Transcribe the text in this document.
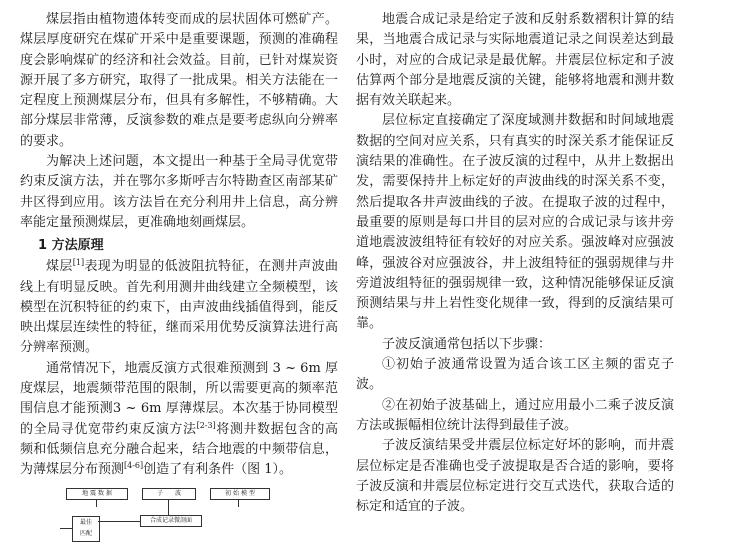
煤层指由植物遗体转变而成的层状固体可燃矿产。煤层厚度研究在煤矿开采中是重要课题，预测的准确程度会影响煤矿的经济和社会效益。目前，已针对煤炭资源开展了多方研究，取得了一批成果。相关方法能在一定程度上预测煤层分布，但具有多解性，不够精确。大部分煤层非常薄，反演参数的难点是要考虑纵向分辨率的要求。

为解决上述问题，本文提出一种基于全局寻优宽带约束反演方法，并在鄂尔多斯呼吉尔特勘查区南部某矿井区得到应用。该方法旨在充分利用井上信息，高分辨率能定量预测煤层，更准确地刻画煤层。

1 方法原理

煤层[1]表现为明显的低波阻抗特征，在测井声波曲线上有明显反映。首先利用测井曲线建立全频模型，该模型在沉积特征的约束下，由声波曲线插值得到，能反映出煤层连续性的特征，继而采用优势反演算法进行高分辨率预测。

通常情况下，地震反演方式很难预测到 3 ~ 6m 厚度煤层，地震频带范围的限制，所以需要更高的频率范围信息才能预测3 ~ 6m 厚薄煤层。本次基于协同模型的全局寻优宽带约束反演方法[2-3]将测井数据包含的高频和低频信息充分融合起来，结合地震的中频带信息，为薄煤层分布预测[4-6]创造了有利条件（图 1）。

地 震 数 据	子　　波	初 始 模 型
合成记录微剖面
最佳
匹配

地震合成记录是给定子波和反射系数褶积计算的结果，当地震合成记录与实际地震道记录之间误差达到最小时，对应的合成记录是最优解。井震层位标定和子波估算两个部分是地震反演的关键，能够将地震和测井数据有效关联起来。

层位标定直接确定了深度域测井数据和时间域地震数据的空间对应关系，只有真实的时深关系才能保证反演结果的准确性。在子波反演的过程中，从井上数据出发，需要保持井上标定好的声波曲线的时深关系不变，然后提取各井声波曲线的子波。在提取子波的过程中，最重要的原则是每口井目的层对应的合成记录与该井旁道地震波波组特征有较好的对应关系。强波峰对应强波峰，强波谷对应强波谷，井上波组特征的强弱规律与井旁道波组特征的强弱规律一致，这种情况能够保证反演预测结果与井上岩性变化规律一致，得到的反演结果可靠。

子波反演通常包括以下步骤：

①初始子波通常设置为适合该工区主频的雷克子波。

②在初始子波基础上，通过应用最小二乘子波反演方法或振幅相位统计法得到最佳子波。

子波反演结果受井震层位标定好坏的影响，而井震层位标定是否准确也受子波提取是否合适的影响，要将子波反演和井震层位标定进行交互式迭代，获取合适的标定和适宜的子波。
